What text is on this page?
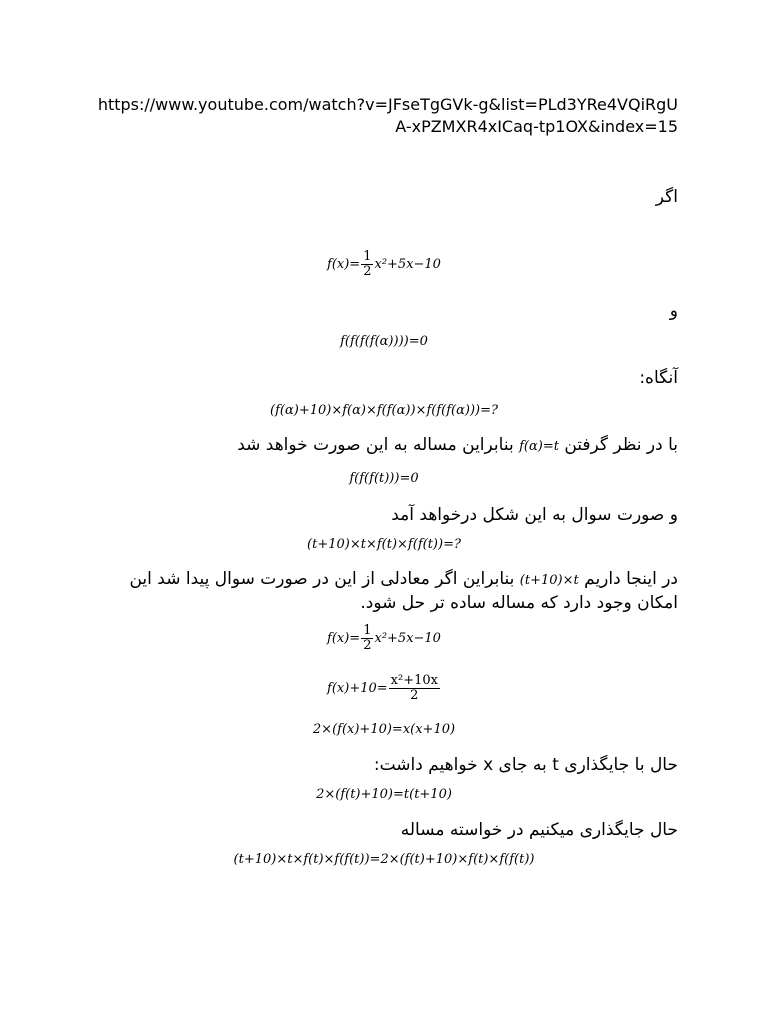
https://www.youtube.com/watch?v=JFseTgGVk-g&list=PLd3YRe4VQiRgUA-xPZMXR4xICaq-tp1OX&index=15
اگر
$f(x)= \frac{1}{2} x^2+5x-10$
و
f(f(f(f(α))))=0
آنگاه:
(f(α)+10)×f(α)×f(f(α))×f(f(f(α)))=?
با در نظر گرفتن f(α)=t بنابراین مساله به این صورت خواهد شد
f(f(f(t)))=0
و صورت سوال به این شکل درخواهد آمد
(t+10)×t×f(t)×f(f(t))=?
در اینجا داریم (t+10)×t بنابراین اگر معادلی از این در صورت سوال پیدا شد این امکان وجود دارد که مساله ساده تر حل شود.
$f(x)= \frac{1}{2} x^2+5x-10$
$f(x)+10= \frac{\text{x²+10x}}{2}$
2×(f(x)+10)=x(x+10)
حال با جایگذاری t به جای x خواهیم داشت:
2×(f(t)+10)=t(t+10)
حال جایگذاری میکنیم در خواسته مساله
(t+10)×t×f(t)×f(f(t))=2×(f(t)+10)×f(t)×f(f(t))
